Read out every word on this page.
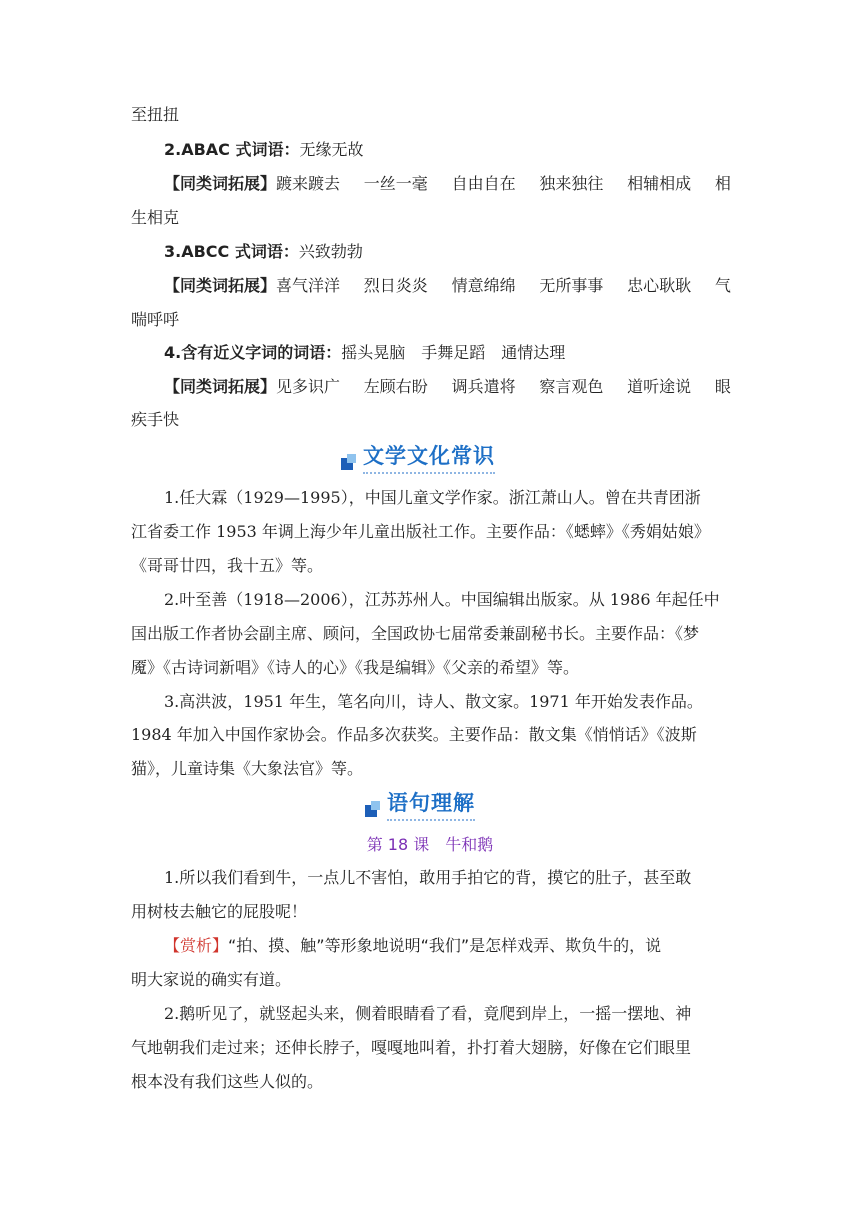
至扭扭
2.ABAC 式词语：无缘无故
【同类词拓展】踱来踱去 一丝一毫 自由自在 独来独往 相辅相成 相
生相克
3.ABCC 式词语：兴致勃勃
【同类词拓展】喜气洋洋 烈日炎炎 情意绵绵 无所事事 忠心耿耿 气
喘呼呼
4.含有近义字词的词语：摇头晃脑　手舞足蹈　通情达理
【同类词拓展】见多识广 左顾右盼 调兵遣将 察言观色 道听途说 眼
疾手快
文学文化常识
1.任大霖（1929—1995），中国儿童文学作家。浙江萧山人。曾在共青团浙
江省委工作 1953 年调上海少年儿童出版社工作。主要作品：《蟋蟀》《秀娟姑娘》
《哥哥廿四，我十五》等。
2.叶至善（1918—2006），江苏苏州人。中国编辑出版家。从 1986 年起任中
国出版工作者协会副主席、顾问，全国政协七届常委兼副秘书长。主要作品：《梦
魇》《古诗词新唱》《诗人的心》《我是编辑》《父亲的希望》等。
3.高洪波，1951 年生，笔名向川，诗人、散文家。1971 年开始发表作品。
1984 年加入中国作家协会。作品多次获奖。主要作品：散文集《悄悄话》《波斯
猫》，儿童诗集《大象法官》等。
语句理解
第 18 课　牛和鹅
1.所以我们看到牛，一点儿不害怕，敢用手拍它的背，摸它的肚子，甚至敢
用树枝去触它的屁股呢！
【赏析】“拍、摸、触”等形象地说明“我们”是怎样戏弄、欺负牛的，说
明大家说的确实有道。
2.鹅听见了，就竖起头来，侧着眼睛看了看，竟爬到岸上，一摇一摆地、神
气地朝我们走过来；还伸长脖子，嘎嘎地叫着，扑打着大翅膀，好像在它们眼里
根本没有我们这些人似的。
